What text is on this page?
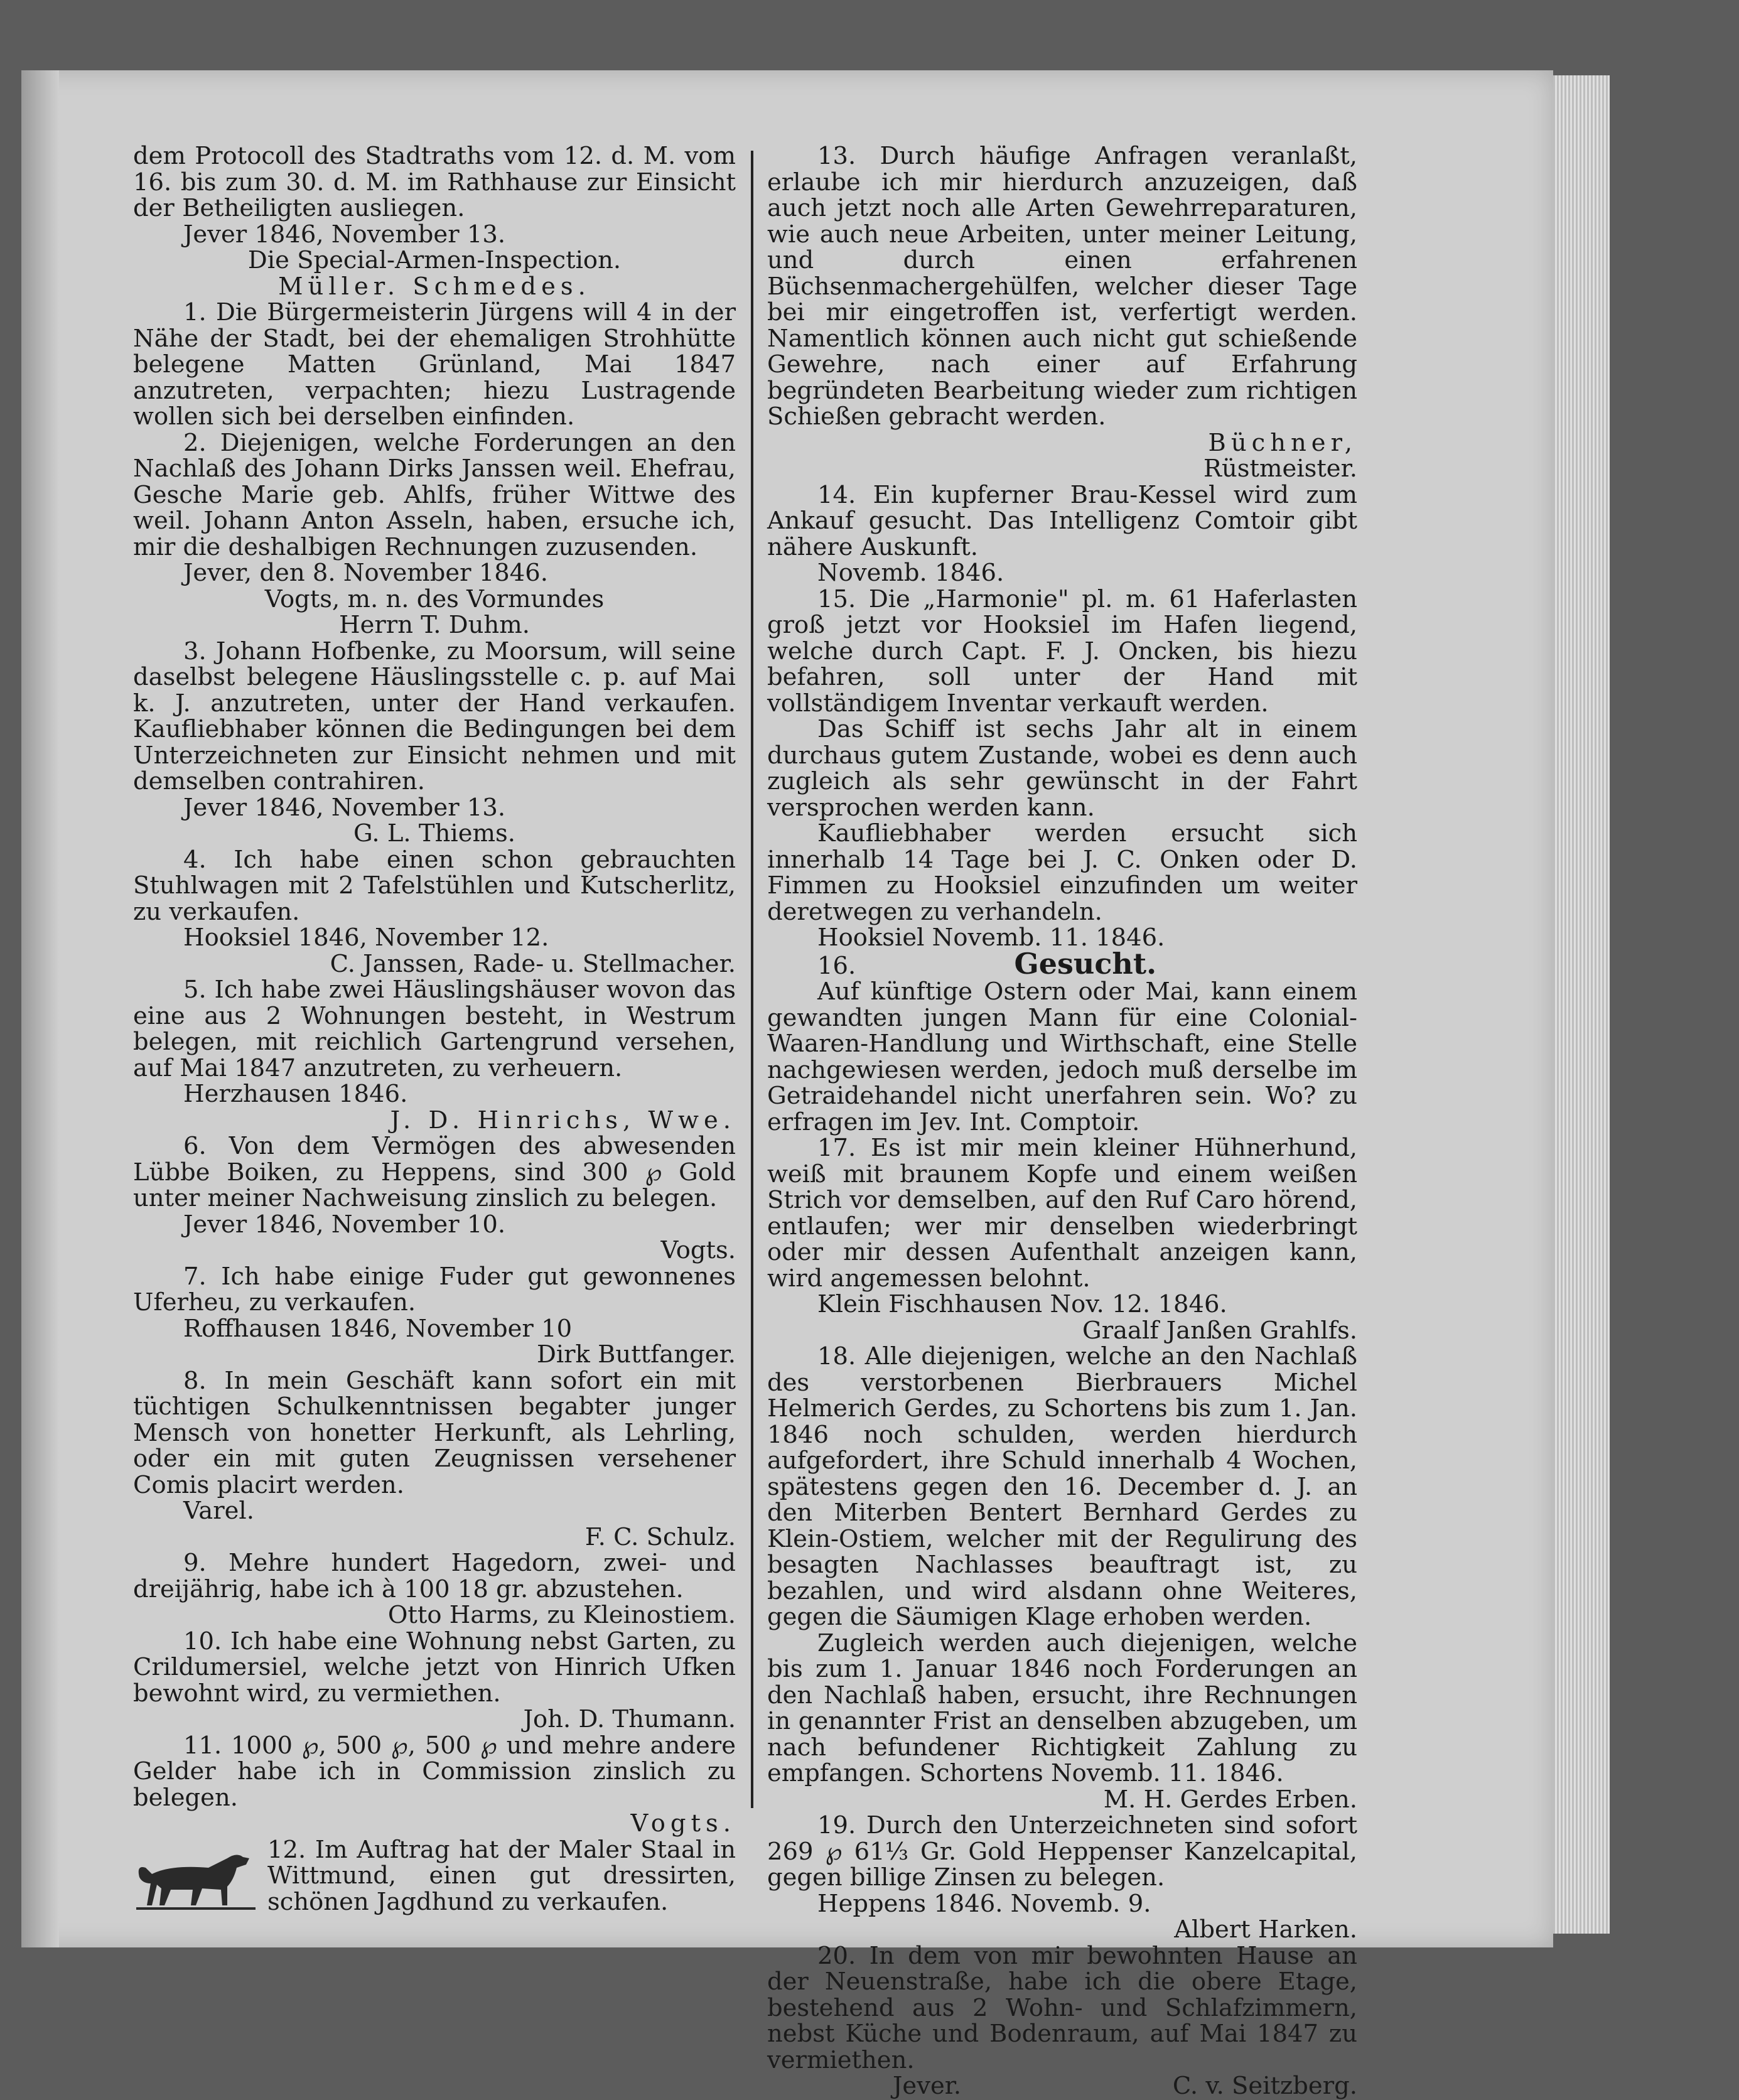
dem Protocoll des Stadtraths vom 12. d. M. vom 16. bis zum 30. d. M. im Rathhause zur Einsicht der Betheiligten ausliegen.

Jever 1846, November 13.

Die Special-Armen-Inspection.

Müller. Schmedes.

1. Die Bürgermeisterin Jürgens will 4 in der Nähe der Stadt, bei der ehemaligen Strohhütte belegene Matten Grünland, Mai 1847 anzutreten, verpachten; hiezu Lustragende wollen sich bei derselben einfinden.

2. Diejenigen, welche Forderungen an den Nachlaß des Johann Dirks Janssen weil. Ehefrau, Gesche Marie geb. Ahlfs, früher Wittwe des weil. Johann Anton Asseln, haben, ersuche ich, mir die deshalbigen Rechnungen zuzusenden.

Jever, den 8. November 1846.

Vogts, m. n. des Vormundes

Herrn T. Duhm.

3. Johann Hofbenke, zu Moorsum, will seine daselbst belegene Häuslingsstelle c. p. auf Mai k. J. anzutreten, unter der Hand verkaufen. Kaufliebhaber können die Bedingungen bei dem Unterzeichneten zur Einsicht nehmen und mit demselben contrahiren.

Jever 1846, November 13.

G. L. Thiems.

4. Ich habe einen schon gebrauchten Stuhlwagen mit 2 Tafelstühlen und Kutscherlitz, zu verkaufen.

Hooksiel 1846, November 12.

C. Janssen, Rade- u. Stellmacher.

5. Ich habe zwei Häuslingshäuser wovon das eine aus 2 Wohnungen besteht, in Westrum belegen, mit reichlich Gartengrund versehen, auf Mai 1847 anzutreten, zu verheuern.

Herzhausen 1846.

J. D. Hinrichs, Wwe.

6. Von dem Vermögen des abwesenden Lübbe Boiken, zu Heppens, sind 300 ℘ Gold unter meiner Nachweisung zinslich zu belegen.

Jever 1846, November 10.

Vogts.

7. Ich habe einige Fuder gut gewonnenes Uferheu, zu verkaufen.

Roffhausen 1846, November 10

Dirk Buttfanger.

8. In mein Geschäft kann sofort ein mit tüchtigen Schulkenntnissen begabter junger Mensch von honetter Herkunft, als Lehrling, oder ein mit guten Zeugnissen versehener Comis placirt werden.

Varel.

F. C. Schulz.

9. Mehre hundert Hagedorn, zwei- und dreijährig, habe ich à 100 18 gr. abzustehen.

Otto Harms, zu Kleinostiem.

10. Ich habe eine Wohnung nebst Garten, zu Crildumersiel, welche jetzt von Hinrich Ufken bewohnt wird, zu vermiethen.

Joh. D. Thumann.

11. 1000 ℘, 500 ℘, 500 ℘ und mehre andere Gelder habe ich in Commission zinslich zu belegen.

Vogts.

12. Im Auftrag hat der Maler Staal in Wittmund, einen gut dressirten, schönen Jagdhund zu verkaufen.

13. Durch häufige Anfragen veranlaßt, erlaube ich mir hierdurch anzuzeigen, daß auch jetzt noch alle Arten Gewehrreparaturen, wie auch neue Arbeiten, unter meiner Leitung, und durch einen erfahrenen Büchsenmachergehülfen, welcher dieser Tage bei mir eingetroffen ist, verfertigt werden. Namentlich können auch nicht gut schießende Gewehre, nach einer auf Erfahrung begründeten Bearbeitung wieder zum richtigen Schießen gebracht werden.

Büchner,

Rüstmeister.

14. Ein kupferner Brau-Kessel wird zum Ankauf gesucht. Das Intelligenz Comtoir gibt nähere Auskunft.

Novemb. 1846.

15. Die „Harmonie" pl. m. 61 Haferlasten groß jetzt vor Hooksiel im Hafen liegend, welche durch Capt. F. J. Oncken, bis hiezu befahren, soll unter der Hand mit vollständigem Inventar verkauft werden.

Das Schiff ist sechs Jahr alt in einem durchaus gutem Zustande, wobei es denn auch zugleich als sehr gewünscht in der Fahrt versprochen werden kann.

Kaufliebhaber werden ersucht sich innerhalb 14 Tage bei J. C. Onken oder D. Fimmen zu Hooksiel einzufinden um weiter deretwegen zu verhandeln.

Hooksiel Novemb. 11. 1846.

16.	Gesucht.

Auf künftige Ostern oder Mai, kann einem gewandten jungen Mann für eine Colonial-Waaren-Handlung und Wirthschaft, eine Stelle nachgewiesen werden, jedoch muß derselbe im Getraidehandel nicht unerfahren sein. Wo? zu erfragen im Jev. Int. Comptoir.

17. Es ist mir mein kleiner Hühnerhund, weiß mit braunem Kopfe und einem weißen Strich vor demselben, auf den Ruf Caro hörend, entlaufen; wer mir denselben wiederbringt oder mir dessen Aufenthalt anzeigen kann, wird angemessen belohnt.

Klein Fischhausen Nov. 12. 1846.

Graalf Janßen Grahlfs.

18. Alle diejenigen, welche an den Nachlaß des verstorbenen Bierbrauers Michel Helmerich Gerdes, zu Schortens bis zum 1. Jan. 1846 noch schulden, werden hierdurch aufgefordert, ihre Schuld innerhalb 4 Wochen, spätestens gegen den 16. December d. J. an den Miterben Bentert Bernhard Gerdes zu Klein-Ostiem, welcher mit der Regulirung des besagten Nachlasses beauftragt ist, zu bezahlen, und wird alsdann ohne Weiteres, gegen die Säumigen Klage erhoben werden.

Zugleich werden auch diejenigen, welche bis zum 1. Januar 1846 noch Forderungen an den Nachlaß haben, ersucht, ihre Rechnungen in genannter Frist an denselben abzugeben, um nach befundener Richtigkeit Zahlung zu empfangen. Schortens Novemb. 11. 1846.

M. H. Gerdes Erben.

19. Durch den Unterzeichneten sind sofort 269 ℘ 61⅓ Gr. Gold Heppenser Kanzelcapital, gegen billige Zinsen zu belegen.

Heppens 1846. Novemb. 9.

Albert Harken.

20. In dem von mir bewohnten Hause an der Neuenstraße, habe ich die obere Etage, bestehend aus 2 Wohn- und Schlafzimmern, nebst Küche und Bodenraum, auf Mai 1847 zu vermiethen.

Jever.	C. v. Seitzberg.
